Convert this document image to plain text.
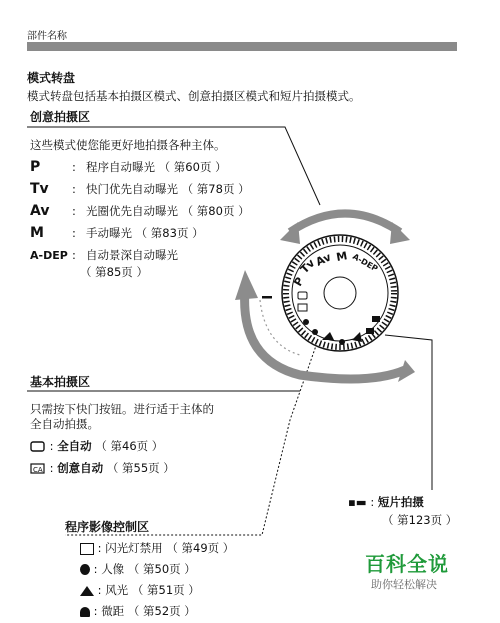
部件名称
模式转盘
模式转盘包括基本拍摄区模式、创意拍摄区模式和短片拍摄模式。
M
Av
Tv
P
A-DEP
创意拍摄区
这些模式使您能更好地拍摄各种主体。
P	: 程序自动曝光 （ 第60页 ）
Tv : 快门优先自动曝光 （ 第78页 ）
Av : 光圈优先自动曝光 （ 第80页 ）
M : 手动曝光 （ 第83页 ）
A-DEP : 自动景深自动曝光
（ 第85页 ）
基本拍摄区
只需按下快门按钮。进行适于主体的
全自动拍摄。
: 全自动 （ 第46页 ）
CA : 创意自动 （ 第55页 ）
▪▬ : 短片拍摄
（ 第123页 ）
程序影像控制区
: 闪光灯禁用 （ 第49页 ）
: 人像 （ 第50页 ）
: 风光 （ 第51页 ）
: 微距 （ 第52页 ）
百科全说
助你轻松解决
